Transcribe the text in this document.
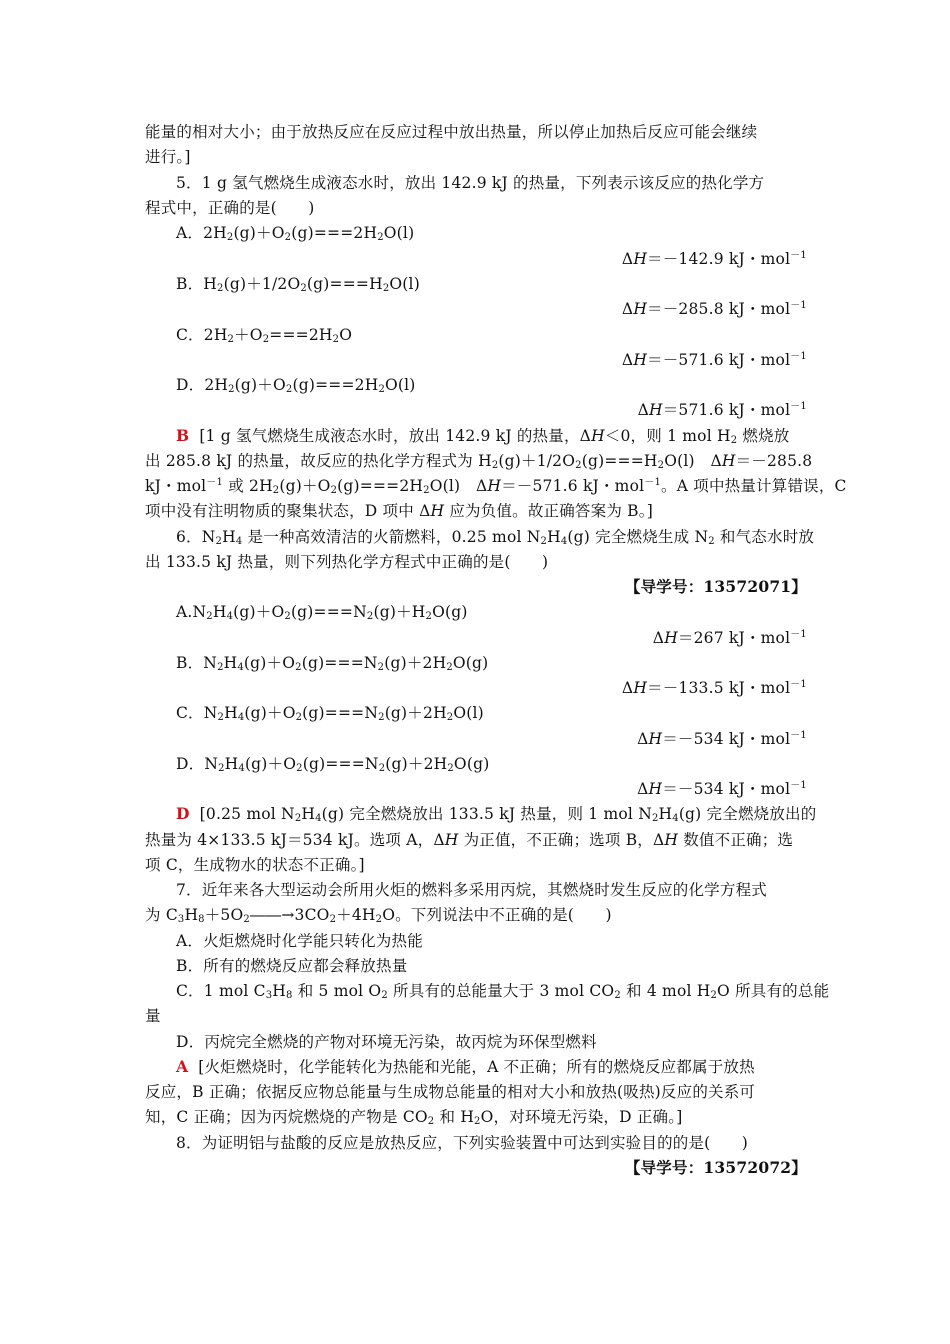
能量的相对大小；由于放热反应在反应过程中放出热量，所以停止加热后反应可能会继续
进行。]
5．1 g 氢气燃烧生成液态水时，放出 142.9 kJ 的热量，下列表示该反应的热化学方
程式中，正确的是(　　)
A．$2H_2(g)+O_2(g)===2H_2O(l)$
ΔH＝－142.9 kJ・mol$^{-1}$
B．$H_2(g)+1/2O_2(g)===H_2O(l)$
ΔH＝－285.8 kJ・mol$^{-1}$
C．$2H_2+O_2===2H_2O$
ΔH＝－571.6 kJ・mol$^{-1}$
D．$2H_2(g)+O_2(g)===2H_2O(l)$
ΔH＝571.6 kJ・mol$^{-1}$
B [1 g 氢气燃烧生成液态水时，放出 142.9 kJ 的热量，ΔH＜0，则 1 mol $H_2$ 燃烧放
出 285.8 kJ 的热量，故反应的热化学方程式为 $H_2(g)+1/2O_2(g)===H_2O(l)$　ΔH＝－285.8
kJ・mol$^{-1}$ 或 $2H_2(g)+O_2(g)===2H_2O(l)$　ΔH＝－571.6 kJ・mol$^{-1}$。A 项中热量计算错误，C
项中没有注明物质的聚集状态，D 项中 ΔH 应为负值。故正确答案为 B。]
6．$N_2H_4$ 是一种高效清洁的火箭燃料，0.25 mol $N_2H_4(g)$ 完全燃烧生成 $N_2$ 和气态水时放
出 133.5 kJ 热量，则下列热化学方程式中正确的是(　　)
【导学号：13572071】
$A.N_2H_4(g)+O_2(g)===N_2(g)+H_2O(g)$
ΔH＝267 kJ・mol$^{-1}$
B．$N_2H_4(g)+O_2(g)===N_2(g)+2H_2O(g)$
ΔH＝－133.5 kJ・mol$^{-1}$
C．$N_2H_4(g)+O_2(g)===N_2(g)+2H_2O(l)$
ΔH＝－534 kJ・mol$^{-1}$
D．$N_2H_4(g)+O_2(g)===N_2(g)+2H_2O(g)$
ΔH＝－534 kJ・mol$^{-1}$
D [0.25 mol $N_2H_4(g)$ 完全燃烧放出 133.5 kJ 热量，则 1 mol $N_2H_4(g)$ 完全燃烧放出的
热量为 4×133.5 kJ＝534 kJ。选项 A，ΔH 为正值，不正确；选项 B，ΔH 数值不正确；选
项 C，生成物水的状态不正确。]
7．近年来各大型运动会所用火炬的燃料多采用丙烷，其燃烧时发生反应的化学方程式
为 $C_3H_8+5O_2――\to 3CO_2+4H_2O$。下列说法中不正确的是(　　)
A．火炬燃烧时化学能只转化为热能
B．所有的燃烧反应都会释放热量
C．1 mol $C_3H_8$ 和 5 mol $O_2$ 所具有的总能量大于 3 mol $CO_2$ 和 4 mol $H_2O$ 所具有的总能
量
D．丙烷完全燃烧的产物对环境无污染，故丙烷为环保型燃料
A [火炬燃烧时，化学能转化为热能和光能，A 不正确；所有的燃烧反应都属于放热
反应，B 正确；依据反应物总能量与生成物总能量的相对大小和放热(吸热)反应的关系可
知，C 正确；因为丙烷燃烧的产物是 $CO_2$ 和 $H_2O$，对环境无污染，D 正确。]
8．为证明铝与盐酸的反应是放热反应，下列实验装置中可达到实验目的的是(　　)
【导学号：13572072】
